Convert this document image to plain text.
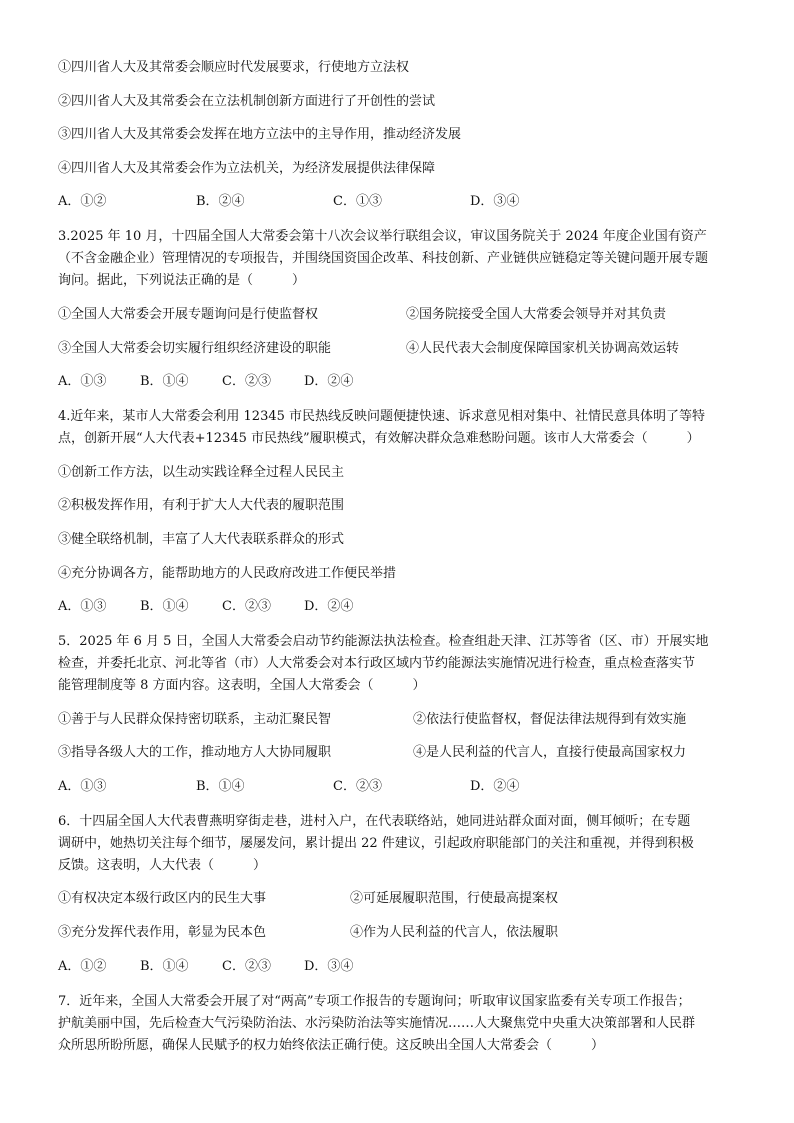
①四川省人大及其常委会顺应时代发展要求，行使地方立法权
②四川省人大及其常委会在立法机制创新方面进行了开创性的尝试
③四川省人大及其常委会发挥在地方立法中的主导作用，推动经济发展
④四川省人大及其常委会作为立法机关，为经济发展提供法律保障
A．①②	B．②④	C．①③	D．③④
3.2025 年 10 月，十四届全国人大常委会第十八次会议举行联组会议，审议国务院关于 2024 年度企业国有资产
（不含金融企业）管理情况的专项报告，并围绕国资国企改革、科技创新、产业链供应链稳定等关键问题开展专题
询问。据此，下列说法正确的是（　　　）
①全国人大常委会开展专题询问是行使监督权	②国务院接受全国人大常委会领导并对其负责
③全国人大常委会切实履行组织经济建设的职能	④人民代表大会制度保障国家机关协调高效运转
A．①③	B．①④	C．②③	D．②④
4.近年来，某市人大常委会利用 12345 市民热线反映问题便捷快速、诉求意见相对集中、社情民意具体明了等特
点，创新开展“人大代表+12345 市民热线”履职模式，有效解决群众急难愁盼问题。该市人大常委会（　　　）
①创新工作方法，以生动实践诠释全过程人民民主
②积极发挥作用，有利于扩大人大代表的履职范围
③健全联络机制，丰富了人大代表联系群众的形式
④充分协调各方，能帮助地方的人民政府改进工作便民举措
A．①③	B．①④	C．②③	D．②④
5．2025 年 6 月 5 日，全国人大常委会启动节约能源法执法检查。检查组赴天津、江苏等省（区、市）开展实地
检查，并委托北京、河北等省（市）人大常委会对本行政区域内节约能源法实施情况进行检查，重点检查落实节
能管理制度等 8 方面内容。这表明，全国人大常委会（　　　）
①善于与人民群众保持密切联系，主动汇聚民智	②依法行使监督权，督促法律法规得到有效实施
③指导各级人大的工作，推动地方人大协同履职	④是人民利益的代言人，直接行使最高国家权力
A．①③	B．①④	C．②③	D．②④
6．十四届全国人大代表曹燕明穿街走巷，进村入户，在代表联络站，她同进站群众面对面，侧耳倾听；在专题
调研中，她热切关注每个细节，屡屡发问，累计提出 22 件建议，引起政府职能部门的关注和重视，并得到积极
反馈。这表明，人大代表（　　　）
①有权决定本级行政区内的民生大事	②可延展履职范围，行使最高提案权
③充分发挥代表作用，彰显为民本色	④作为人民利益的代言人，依法履职
A．①②	B．①④	C．②③	D．③④
7．近年来，全国人大常委会开展了对“两高”专项工作报告的专题询问；听取审议国家监委有关专项工作报告；
护航美丽中国，先后检查大气污染防治法、水污染防治法等实施情况……人大聚焦党中央重大决策部署和人民群
众所思所盼所愿，确保人民赋予的权力始终依法正确行使。这反映出全国人大常委会（　　　）
